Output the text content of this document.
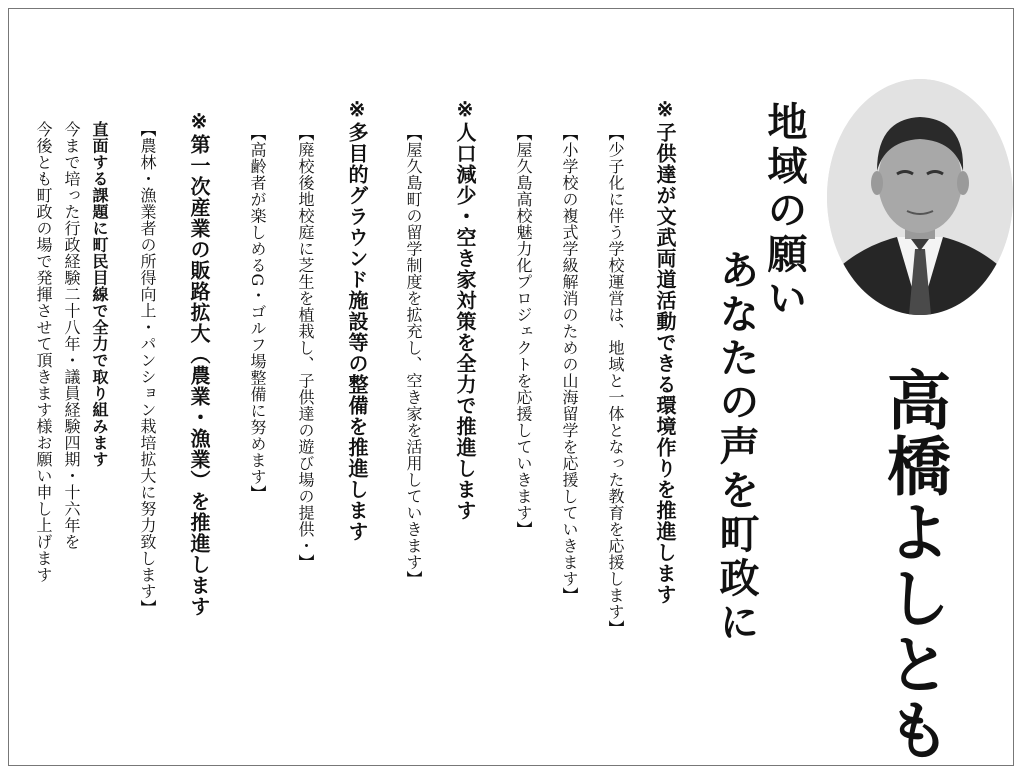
地域の願い
あなたの声を町政に 高橋よしとも
※子供達が文武両道活動できる環境作りを推進します
【少子化に伴う学校運営は、地域と一体となった教育を応援します】
【小学校の複式学級解消のための山海留学を応援していきます】
【屋久島高校魅力化プロジェクトを応援していきます】
※人口減少・空き家対策を全力で推進します
【屋久島町の留学制度を拡充し、空き家を活用していきます】
※多目的グラウンド施設等の整備を推進します
【廃校後地校庭に芝生を植栽し、子供達の遊び場の提供・】
【高齢者が楽しめるG・ゴルフ場整備に努めます】
※第一次産業の販路拡大（農業・漁業）を推進します
【農林・漁業者の所得向上・パンション栽培拡大に努力致します】
直面する課題に町民目線で全力で取り組みます
今まで培った行政経験二十八年・議員経験四期・十六年を
今後とも町政の場で発揮させて頂きます様お願い申し上げます
